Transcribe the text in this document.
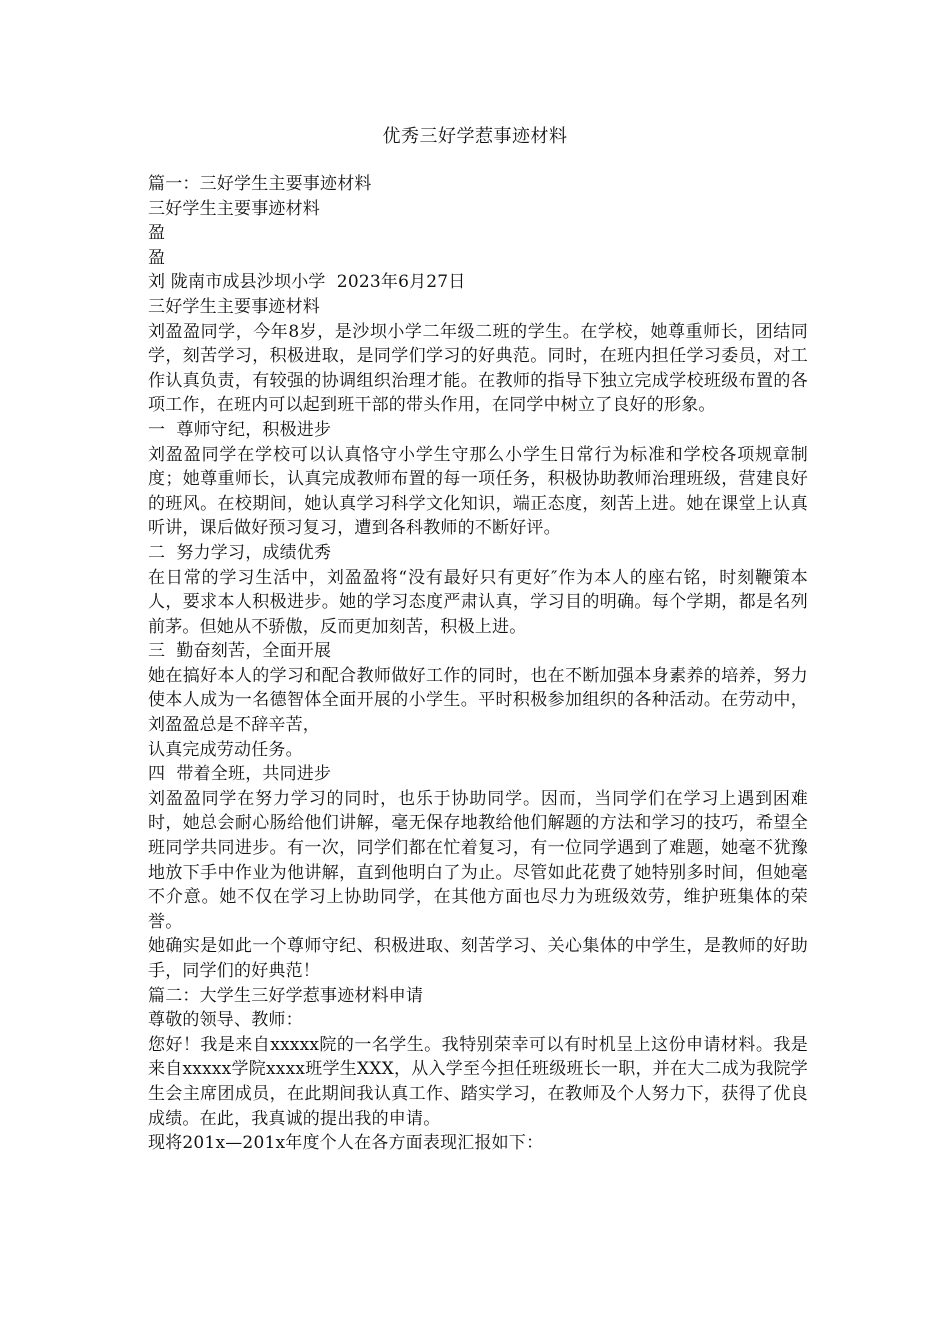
优秀三好学惹事迹材料

篇一：三好学生主要事迹材料

三好学生主要事迹材料

盈

盈

刘 陇南市成县沙坝小学  2023年6月27日

三好学生主要事迹材料

刘盈盈同学，今年8岁，是沙坝小学二年级二班的学生。在学校，她尊重师长，团结同学，刻苦学习，积极进取，是同学们学习的好典范。同时，在班内担任学习委员，对工作认真负责，有较强的协调组织治理才能。在教师的指导下独立完成学校班级布置的各项工作，在班内可以起到班干部的带头作用，在同学中树立了良好的形象。

一  尊师守纪，积极进步

刘盈盈同学在学校可以认真恪守小学生守那么小学生日常行为标准和学校各项规章制度；她尊重师长，认真完成教师布置的每一项任务，积极协助教师治理班级，营建良好的班风。在校期间，她认真学习科学文化知识，端正态度，刻苦上进。她在课堂上认真听讲，课后做好预习复习，遭到各科教师的不断好评。

二  努力学习，成绩优秀

在日常的学习生活中，刘盈盈将“没有最好只有更好″作为本人的座右铭，时刻鞭策本人，要求本人积极进步。她的学习态度严肃认真，学习目的明确。每个学期，都是名列前茅。但她从不骄傲，反而更加刻苦，积极上进。

三  勤奋刻苦，全面开展

她在搞好本人的学习和配合教师做好工作的同时，也在不断加强本身素养的培养，努力使本人成为一名德智体全面开展的小学生。平时积极参加组织的各种活动。在劳动中，刘盈盈总是不辞辛苦，

认真完成劳动任务。

四  带着全班，共同进步

刘盈盈同学在努力学习的同时，也乐于协助同学。因而，当同学们在学习上遇到困难时，她总会耐心肠给他们讲解，毫无保存地教给他们解题的方法和学习的技巧，希望全班同学共同进步。有一次，同学们都在忙着复习，有一位同学遇到了难题，她毫不犹豫地放下手中作业为他讲解，直到他明白了为止。尽管如此花费了她特别多时间，但她毫不介意。她不仅在学习上协助同学，在其他方面也尽力为班级效劳，维护班集体的荣誉。

她确实是如此一个尊师守纪、积极进取、刻苦学习、关心集体的中学生，是教师的好助手，同学们的好典范！

篇二：大学生三好学惹事迹材料申请

尊敬的领导、教师：

您好！我是来自xxxxx院的一名学生。我特别荣幸可以有时机呈上这份申请材料。我是来自xxxxx学院xxxx班学生XXX，从入学至今担任班级班长一职，并在大二成为我院学生会主席团成员，在此期间我认真工作、踏实学习，在教师及个人努力下，获得了优良成绩。在此，我真诚的提出我的申请。

现将201x—201x年度个人在各方面表现汇报如下：
